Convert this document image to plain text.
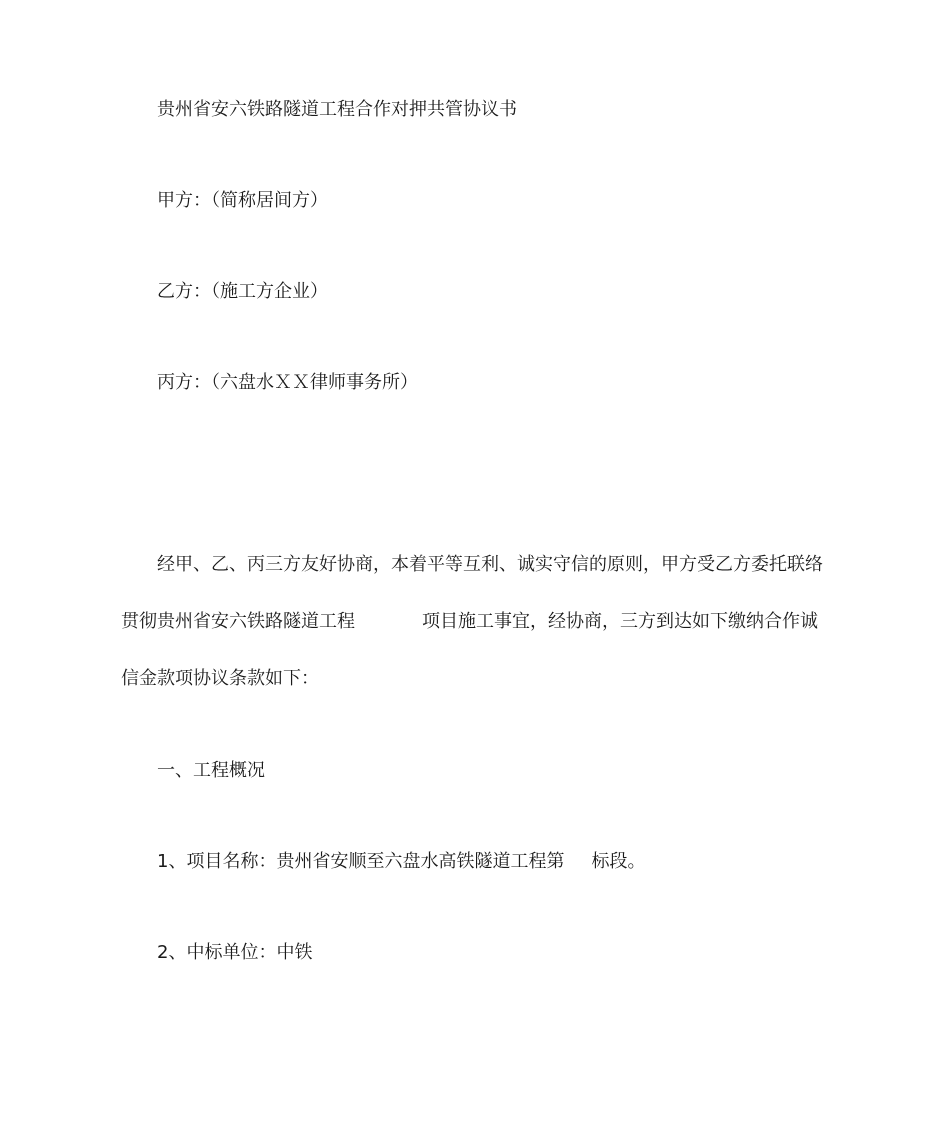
贵州省安六铁路隧道工程合作对押共管协议书
甲方：（简称居间方）
乙方：（施工方企业）
丙方：（六盘水ＸＸ律师事务所）
经甲、乙、丙三方友好协商，本着平等互利、诚实守信的原则，甲方受乙方委托联络
贯彻贵州省安六铁路隧道工程	项目施工事宜，经协商，三方到达如下缴纳合作诚
信金款项协议条款如下：
一、工程概况
1、项目名称：贵州省安顺至六盘水高铁隧道工程第 标段。
2、中标单位：中铁
